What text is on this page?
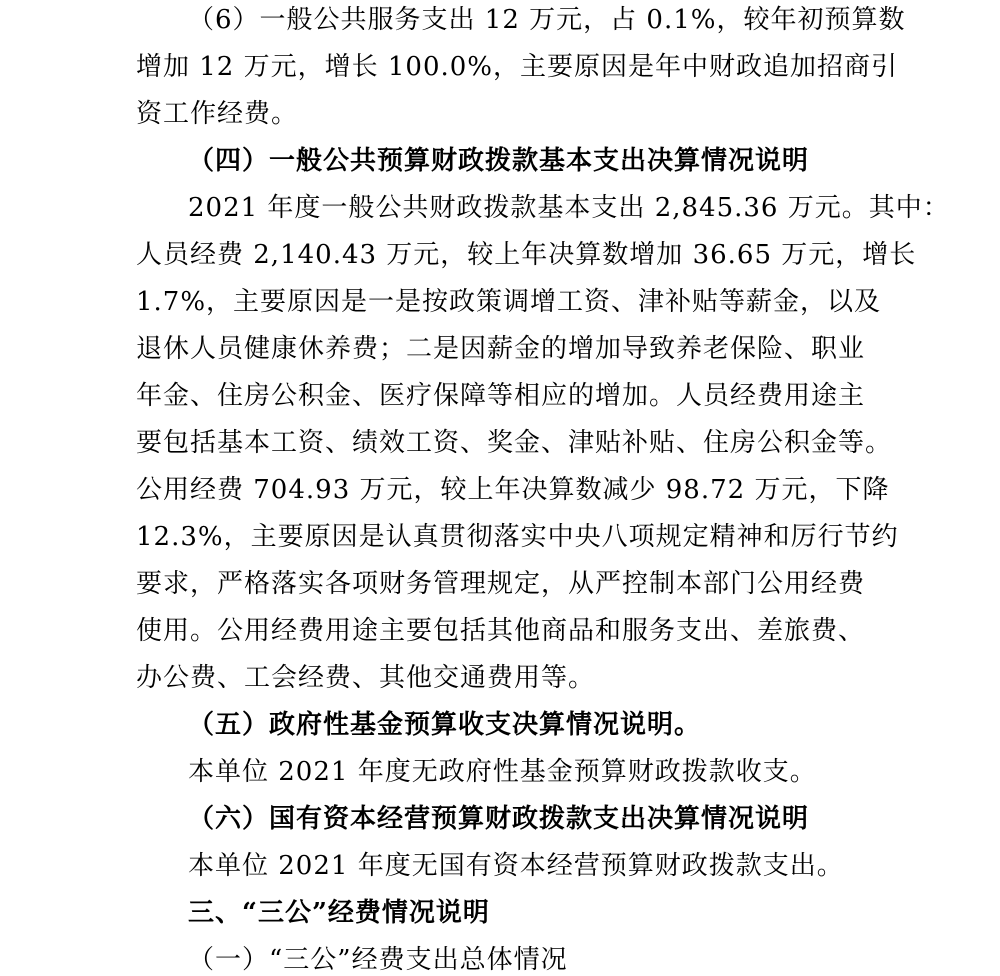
（6）一般公共服务支出 12 万元，占 0.1%，较年初预算数
增加 12 万元，增长 100.0%，主要原因是年中财政追加招商引
资工作经费。
（四）一般公共预算财政拨款基本支出决算情况说明
2021 年度一般公共财政拨款基本支出 2,845.36 万元。其中：
人员经费 2,140.43 万元，较上年决算数增加 36.65 万元，增长
1.7%，主要原因是一是按政策调增工资、津补贴等薪金，以及
退休人员健康休养费；二是因薪金的增加导致养老保险、职业
年金、住房公积金、医疗保障等相应的增加。人员经费用途主
要包括基本工资、绩效工资、奖金、津贴补贴、住房公积金等。
公用经费 704.93 万元，较上年决算数减少 98.72 万元，下降
12.3%，主要原因是认真贯彻落实中央八项规定精神和厉行节约
要求，严格落实各项财务管理规定，从严控制本部门公用经费
使用。公用经费用途主要包括其他商品和服务支出、差旅费、
办公费、工会经费、其他交通费用等。
（五）政府性基金预算收支决算情况说明。
本单位 2021 年度无政府性基金预算财政拨款收支。
（六）国有资本经营预算财政拨款支出决算情况说明
本单位 2021 年度无国有资本经营预算财政拨款支出。
三、“三公”经费情况说明
（一）“三公”经费支出总体情况
